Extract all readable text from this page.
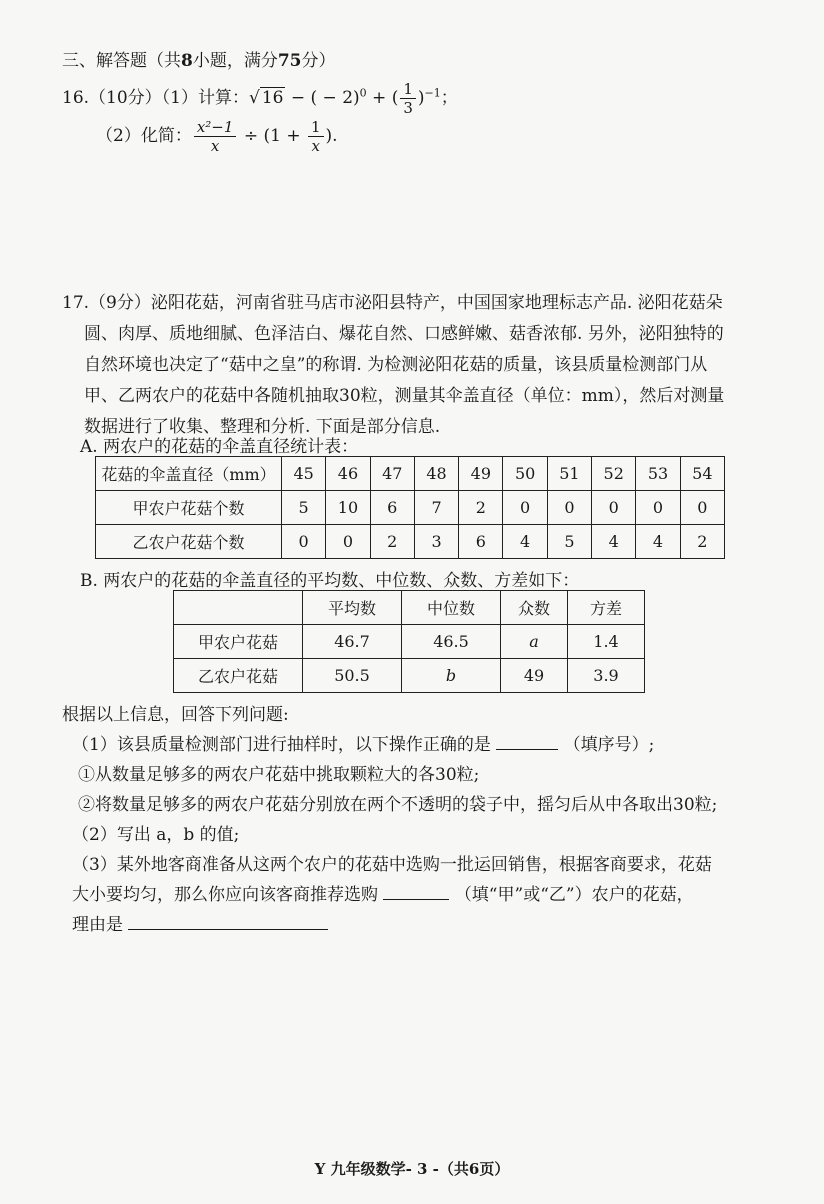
三、解答题（共8小题，满分75分）
16.（10分）（1）计算：√ 16 − ( − 2)$^0$ + ( $\frac{1}{3} )^{-1}$；
（2）化简： $\frac{\text{x²−1}}{x} \div (1 + \frac{1}{x}$ ).

17.（9分）泌阳花菇，河南省驻马店市泌阳县特产，中国国家地理标志产品. 泌阳花菇朵

圆、肉厚、质地细腻、色泽洁白、爆花自然、口感鲜嫩、菇香浓郁. 另外，泌阳独特的

自然环境也决定了“菇中之皇”的称谓. 为检测泌阳花菇的质量，该县质量检测部门从

甲、乙两农户的花菇中各随机抽取30粒，测量其伞盖直径（单位：mm），然后对测量

数据进行了收集、整理和分析. 下面是部分信息.

A. 两农户的花菇的伞盖直径统计表：
花菇的伞盖直径（mm）	45	46	47	48	49	50	51	52	53	54
甲农户花菇个数	5	10	6	7	2	0	0	0	0	0
乙农户花菇个数	0	0	2	3	6	4	5	4	4	2
B. 两农户的花菇的伞盖直径的平均数、中位数、众数、方差如下：
	平均数	中位数	众数	方差
甲农户花菇	46.7	46.5	a	1.4
乙农户花菇	50.5	b	49	3.9
根据以上信息，回答下列问题:
（1）该县质量检测部门进行抽样时，以下操作正确的是	（填序号）;
①从数量足够多的两农户花菇中挑取颗粒大的各30粒;
②将数量足够多的两农户花菇分别放在两个不透明的袋子中，摇匀后从中各取出30粒;
（2）写出 a，b 的值;
（3）某外地客商准备从这两个农户的花菇中选购一批运回销售，根据客商要求，花菇
大小要均匀，那么你应向该客商推荐选购	（填“甲”或“乙”）农户的花菇，
理由是
Y 九年级数学- 3 -（共6页）
